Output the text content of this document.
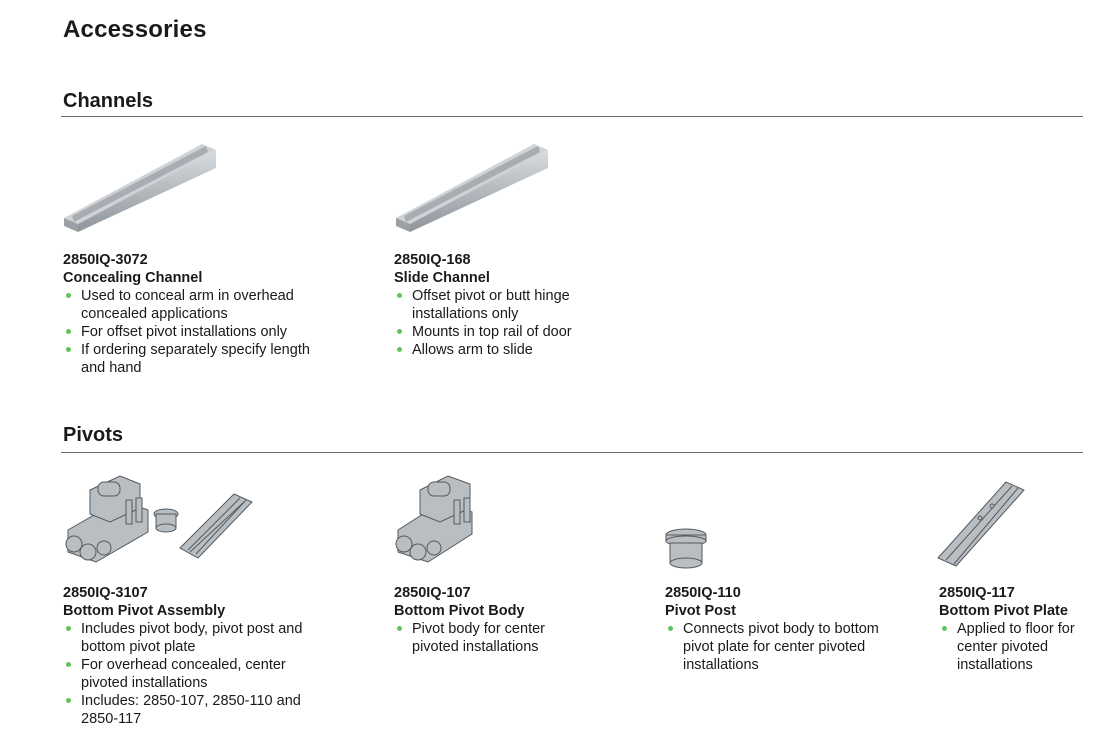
Accessories
Channels
2850IQ-3072
Concealing Channel
Used to conceal arm in overhead concealed applications
For offset pivot installations only
If ordering separately specify length and hand
2850IQ-168
Slide Channel
Offset pivot or butt hinge installations only
Mounts in top rail of door
Allows arm to slide
Pivots
2850IQ-3107
Bottom Pivot Assembly
Includes pivot body, pivot post and bottom pivot plate
For overhead concealed, center pivoted installations
Includes: 2850-107, 2850-110 and 2850-117
2850IQ-107
Bottom Pivot Body
Pivot body for center pivoted installations
2850IQ-110
Pivot Post
Connects pivot body to bottom pivot plate for center pivoted installations
2850IQ-117
Bottom Pivot Plate
Applied to floor for center pivoted installations
